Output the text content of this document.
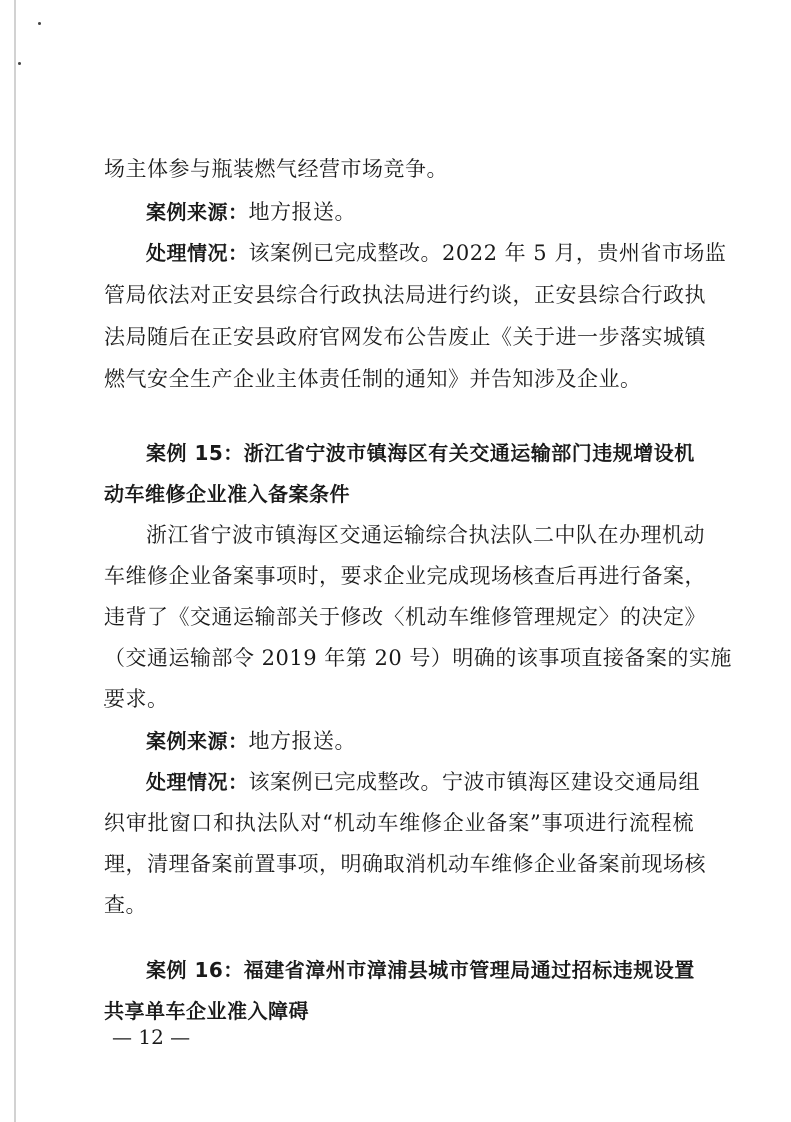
场主体参与瓶装燃气经营市场竞争。
案例来源：地方报送。
处理情况：该案例已完成整改。2022 年 5 月，贵州省市场监
管局依法对正安县综合行政执法局进行约谈，正安县综合行政执
法局随后在正安县政府官网发布公告废止《关于进一步落实城镇
燃气安全生产企业主体责任制的通知》并告知涉及企业。
案例 15：浙江省宁波市镇海区有关交通运输部门违规增设机
动车维修企业准入备案条件
浙江省宁波市镇海区交通运输综合执法队二中队在办理机动
车维修企业备案事项时，要求企业完成现场核查后再进行备案，
违背了《交通运输部关于修改〈机动车维修管理规定〉的决定》
（交通运输部令 2019 年第 20 号）明确的该事项直接备案的实施
要求。
案例来源：地方报送。
处理情况：该案例已完成整改。宁波市镇海区建设交通局组
织审批窗口和执法队对“机动车维修企业备案”事项进行流程梳
理，清理备案前置事项，明确取消机动车维修企业备案前现场核
查。
案例 16：福建省漳州市漳浦县城市管理局通过招标违规设置
共享单车企业准入障碍
— 12 —
